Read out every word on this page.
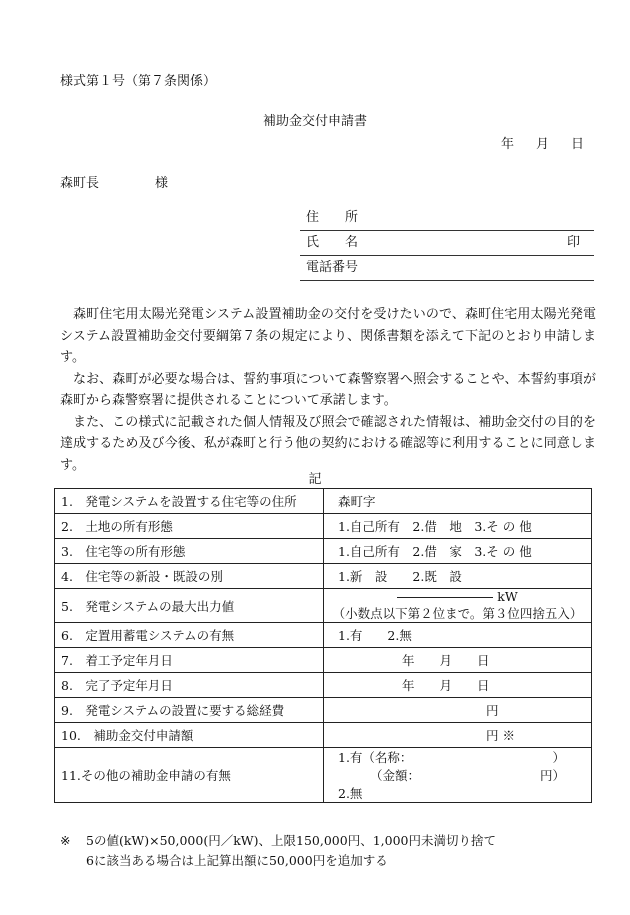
様式第１号（第７条関係）
補助金交付申請書
年 月 日
森町長	様
住　　所
氏　　名	印
電話番号

森町住宅用太陽光発電システム設置補助金の交付を受けたいので、森町住宅用太陽光発電システム設置補助金交付要綱第７条の規定により、関係書類を添えて下記のとおり申請します。

なお、森町が必要な場合は、誓約事項について森警察署へ照会することや、本誓約事項が森町から森警察署に提供されることについて承諾します。

また、この様式に記載された個人情報及び照会で確認された情報は、補助金交付の目的を達成するため及び今後、私が森町と行う他の契約における確認等に利用することに同意します。

記
1.　発電システムを設置する住宅等の住所	森町字
2.　土地の所有形態	1.自己所有　2.借　地　3.そ の 他
3.　住宅等の所有形態	1.自己所有　2.借　家　3.そ の 他
4.　住宅等の新設・既設の別	1.新　設　　2.既　設
5.　発電システムの最大出力値	kW
（小数点以下第２位まで。第３位四捨五入）

6.　定置用蓄電システムの有無	1.有　　2.無
7.　着工予定年月日	年　　月　　日
8.　完了予定年月日	年　　月　　日
9.　発電システムの設置に要する総経費	円
10.　補助金交付申請額	円 ※
11.その他の補助金申請の有無	1.有（名称： ）
（金額： 円）
2.無
※ 5の値(kW)×50,000(円／kW)、上限150,000円、1,000円未満切り捨て
6に該当ある場合は上記算出額に50,000円を追加する
